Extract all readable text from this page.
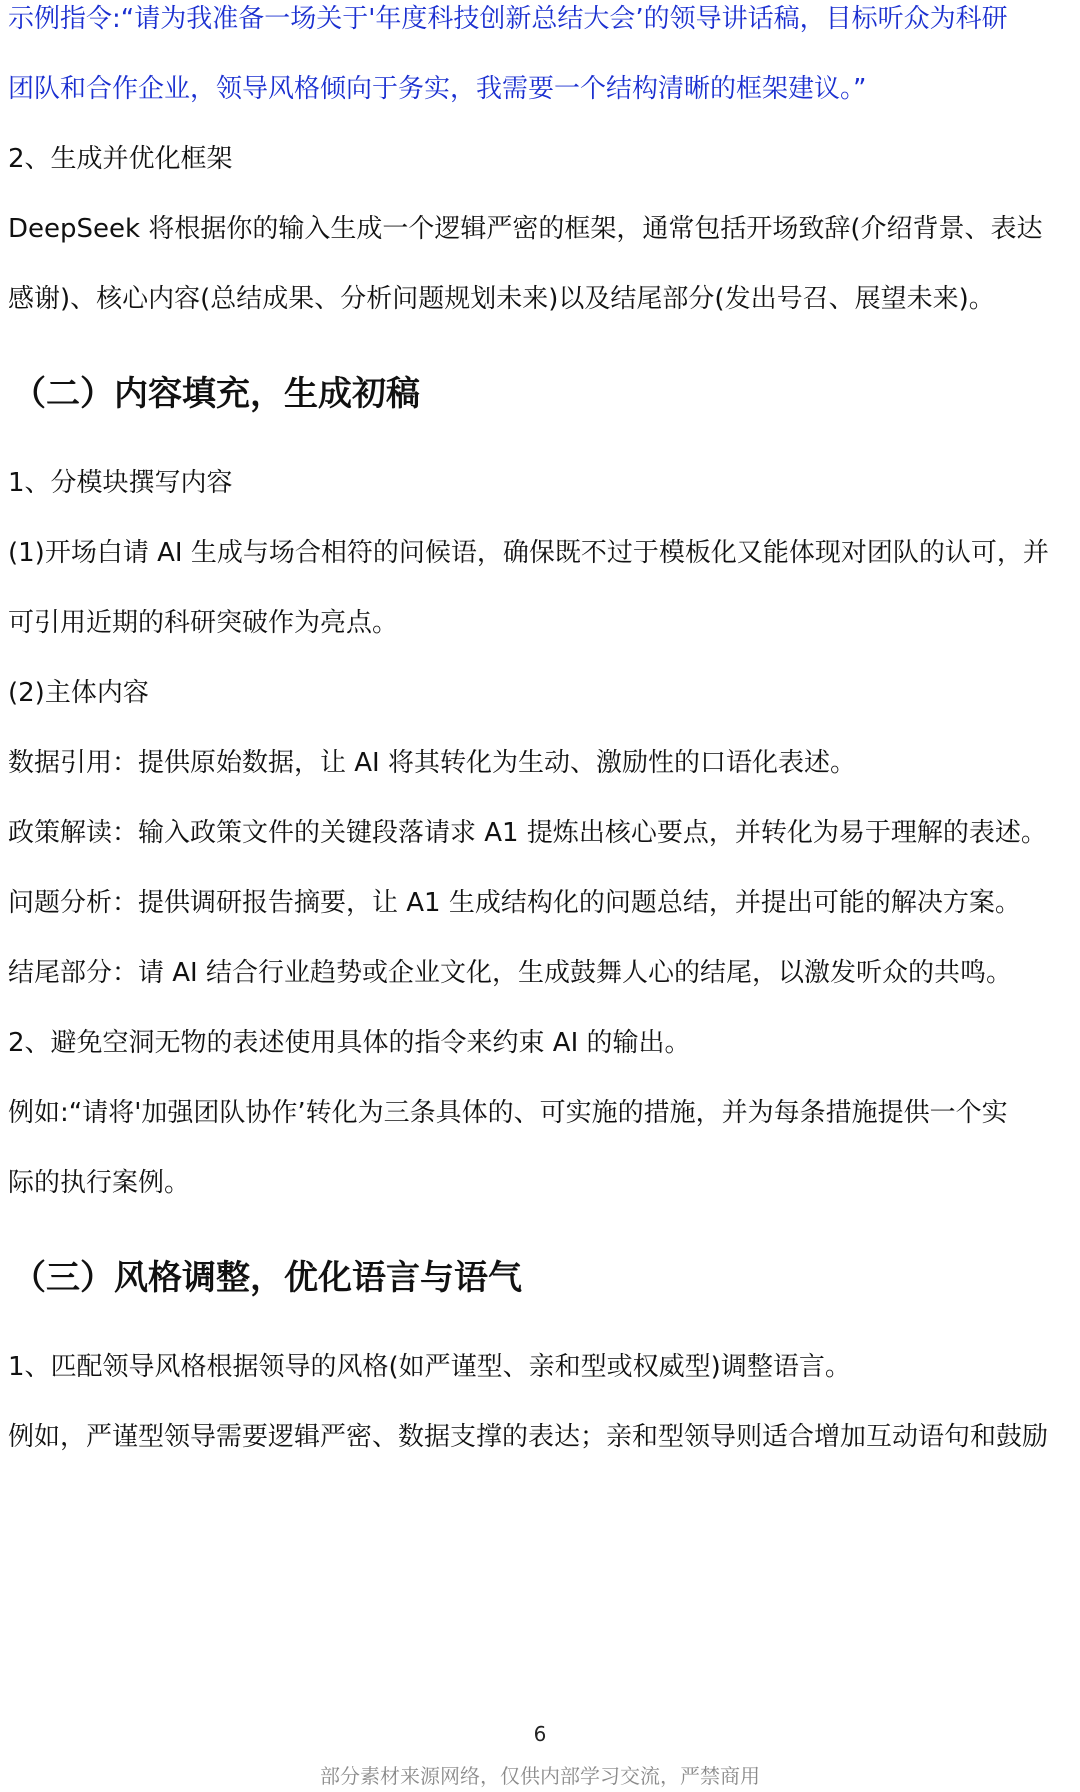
示例指令:“请为我准备一场关于'年度科技创新总结大会’的领导讲话稿，目标听众为科研
团队和合作企业，领导风格倾向于务实，我需要一个结构清晰的框架建议。”
2、生成并优化框架
DeepSeek 将根据你的输入生成一个逻辑严密的框架，通常包括开场致辞(介绍背景、表达
感谢)、核心内容(总结成果、分析问题规划未来)以及结尾部分(发出号召、展望未来)。
（二）内容填充，生成初稿
1、分模块撰写内容
(1)开场白请 AI 生成与场合相符的问候语，确保既不过于模板化又能体现对团队的认可，并
可引用近期的科研突破作为亮点。
(2)主体内容
数据引用：提供原始数据，让 AI 将其转化为生动、激励性的口语化表述。
政策解读：输入政策文件的关键段落请求 A1 提炼出核心要点，并转化为易于理解的表述。
问题分析：提供调研报告摘要，让 A1 生成结构化的问题总结，并提出可能的解决方案。
结尾部分：请 AI 结合行业趋势或企业文化，生成鼓舞人心的结尾，以激发听众的共鸣。
2、避免空洞无物的表述使用具体的指令来约束 AI 的输出。
例如:“请将'加强团队协作’转化为三条具体的、可实施的措施，并为每条措施提供一个实
际的执行案例。
（三）风格调整，优化语言与语气
1、匹配领导风格根据领导的风格(如严谨型、亲和型或权威型)调整语言。
例如，严谨型领导需要逻辑严密、数据支撑的表达；亲和型领导则适合增加互动语句和鼓励
6
部分素材来源网络，仅供内部学习交流，严禁商用
